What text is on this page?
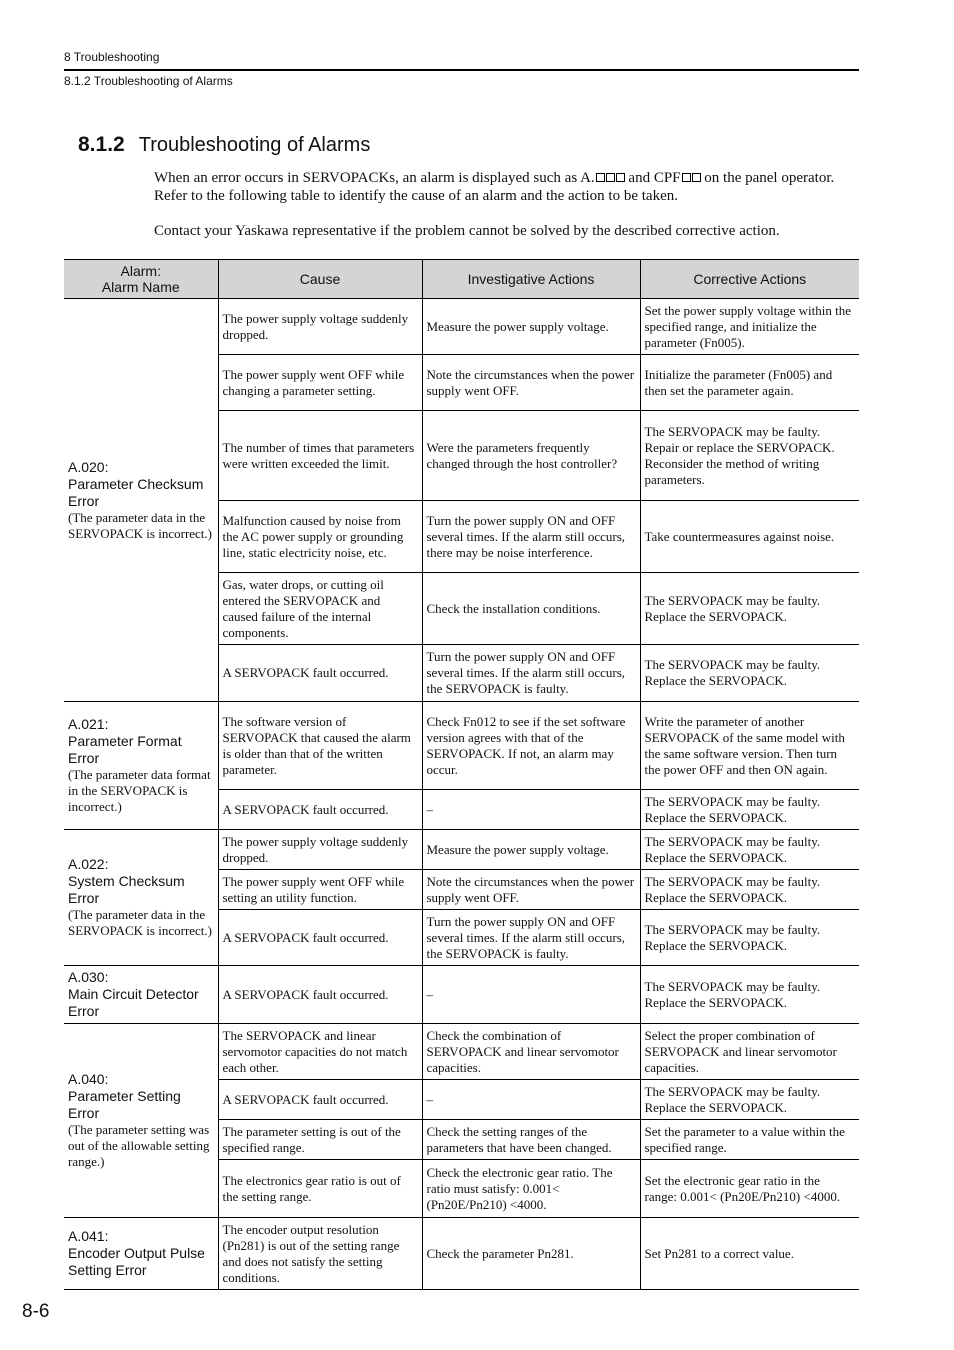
8 Troubleshooting
8.1.2 Troubleshooting of Alarms
8.1.2 Troubleshooting of Alarms
When an error occurs in SERVOPACKs, an alarm is displayed such as A. and CPF on the panel operator. Refer to the following table to identify the cause of an alarm and the action to be taken.
Contact your Yaskawa representative if the problem cannot be solved by the described corrective action.
Alarm:
Alarm Name	Cause	Investigative Actions	Corrective Actions

A.020:
Parameter Checksum Error
(The parameter data in the SERVOPACK is incorrect.)	The power supply voltage suddenly dropped.	Measure the power supply voltage.	Set the power supply voltage within the specified range, and initialize the parameter (Fn005).
	The power supply went OFF while changing a parameter setting.	Note the circumstances when the power supply went OFF.	Initialize the parameter (Fn005) and then set the parameter again.
	The number of times that parameters were written exceeded the limit.	Were the parameters frequently changed through the host controller?	The SERVOPACK may be faulty. Repair or replace the SERVOPACK. Reconsider the method of writing parameters.
	Malfunction caused by noise from the AC power supply or grounding line, static electricity noise, etc.	Turn the power supply ON and OFF several times. If the alarm still occurs, there may be noise interference.	Take countermeasures against noise.
	Gas, water drops, or cutting oil entered the SERVOPACK and caused failure of the internal components.	Check the installation conditions.	The SERVOPACK may be faulty. Replace the SERVOPACK.
	A SERVOPACK fault occurred.	Turn the power supply ON and OFF several times. If the alarm still occurs, the SERVOPACK is faulty.	The SERVOPACK may be faulty. Replace the SERVOPACK.

A.021:
Parameter Format Error
(The parameter data format in the SERVOPACK is incorrect.)	The software version of SERVOPACK that caused the alarm is older than that of the written parameter.	Check Fn012 to see if the set software version agrees with that of the SERVOPACK. If not, an alarm may occur.	Write the parameter of another SERVOPACK of the same model with the same software version. Then turn the power OFF and then ON again.
	A SERVOPACK fault occurred.	–	The SERVOPACK may be faulty. Replace the SERVOPACK.

A.022:
System Checksum Error
(The parameter data in the SERVOPACK is incorrect.)	The power supply voltage suddenly dropped.	Measure the power supply voltage.	The SERVOPACK may be faulty. Replace the SERVOPACK.
	The power supply went OFF while setting an utility function.	Note the circumstances when the power supply went OFF.	The SERVOPACK may be faulty. Replace the SERVOPACK.
	A SERVOPACK fault occurred.	Turn the power supply ON and OFF several times. If the alarm still occurs, the SERVOPACK is faulty.	The SERVOPACK may be faulty. Replace the SERVOPACK.

A.030:
Main Circuit Detector Error	A SERVOPACK fault occurred.	–	The SERVOPACK may be faulty. Replace the SERVOPACK.

A.040:
Parameter Setting Error
(The parameter setting was out of the allowable setting range.)	The SERVOPACK and linear servomotor capacities do not match each other.	Check the combination of SERVOPACK and linear servomotor capacities.	Select the proper combination of SERVOPACK and linear servomotor capacities.
	A SERVOPACK fault occurred.	–	The SERVOPACK may be faulty. Replace the SERVOPACK.
	The parameter setting is out of the specified range.	Check the setting ranges of the parameters that have been changed.	Set the parameter to a value within the specified range.
	The electronics gear ratio is out of the setting range.	Check the electronic gear ratio. The ratio must satisfy: 0.001< (Pn20E/Pn210) <4000.	Set the electronic gear ratio in the range: 0.001< (Pn20E/Pn210) <4000.

A.041:
Encoder Output Pulse Setting Error	The encoder output resolution (Pn281) is out of the setting range and does not satisfy the setting conditions.	Check the parameter Pn281.	Set Pn281 to a correct value.
8-6
